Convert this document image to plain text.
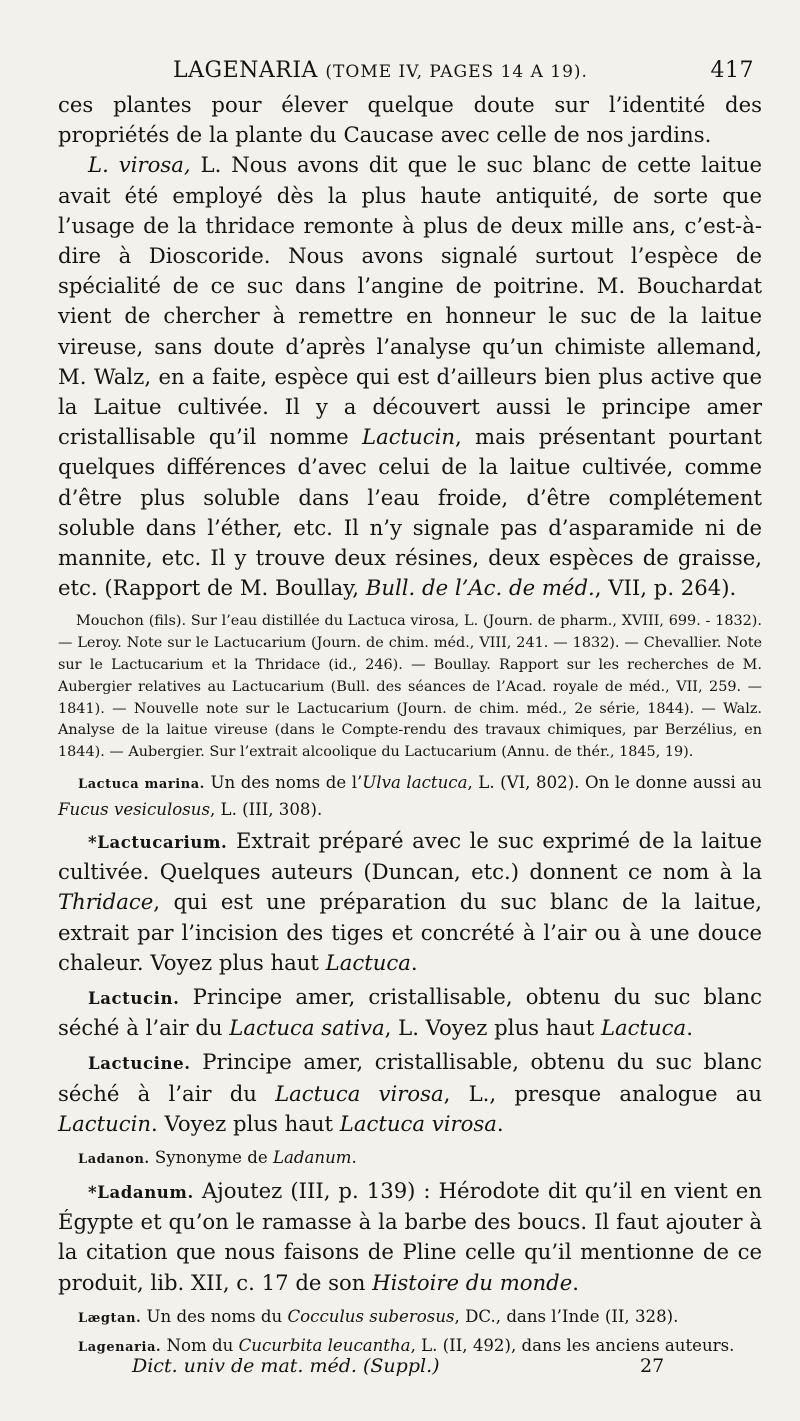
LAGENARIA (TOME IV, PAGES 14 A 19).	417

ces plantes pour élever quelque doute sur l’identité des propriétés de la plante du Caucase avec celle de nos jardins.

L. virosa, L. Nous avons dit que le suc blanc de cette laitue avait été employé dès la plus haute antiquité, de sorte que l’usage de la thridace remonte à plus de deux mille ans, c’est-à-dire à Dioscoride. Nous avons signalé surtout l’espèce de spécialité de ce suc dans l’angine de poitrine. M. Bouchardat vient de chercher à remettre en honneur le suc de la laitue vireuse, sans doute d’après l’analyse qu’un chimiste allemand, M. Walz, en a faite, espèce qui est d’ailleurs bien plus active que la Laitue cultivée. Il y a découvert aussi le principe amer cristallisable qu’il nomme Lactucin, mais présentant pourtant quelques différences d’avec celui de la laitue cultivée, comme d’être plus soluble dans l’eau froide, d’être complétement soluble dans l’éther, etc. Il n’y signale pas d’asparamide ni de mannite, etc. Il y trouve deux résines, deux espèces de graisse, etc. (Rapport de M. Boullay, Bull. de l’Ac. de méd., VII, p. 264).

Mouchon (fils). Sur l’eau distillée du Lactuca virosa, L. (Journ. de pharm., XVIII, 699. - 1832). — Leroy. Note sur le Lactucarium (Journ. de chim. méd., VIII, 241. — 1832). — Chevallier. Note sur le Lactucarium et la Thridace (id., 246). — Boullay. Rapport sur les recherches de M. Aubergier relatives au Lactucarium (Bull. des séances de l’Acad. royale de méd., VII, 259. — 1841). — Nouvelle note sur le Lactucarium (Journ. de chim. méd., 2e série, 1844). — Walz. Analyse de la laitue vireuse (dans le Compte-rendu des travaux chimiques, par Berzélius, en 1844). — Aubergier. Sur l’extrait alcoolique du Lactucarium (Annu. de thér., 1845, 19).

Lactuca marina. Un des noms de l’Ulva lactuca, L. (VI, 802). On le donne aussi au Fucus vesiculosus, L. (III, 308).

*Lactucarium. Extrait préparé avec le suc exprimé de la laitue cultivée. Quelques auteurs (Duncan, etc.) donnent ce nom à la Thridace, qui est une préparation du suc blanc de la laitue, extrait par l’incision des tiges et concrété à l’air ou à une douce chaleur. Voyez plus haut Lactuca.

Lactucin. Principe amer, cristallisable, obtenu du suc blanc séché à l’air du Lactuca sativa, L. Voyez plus haut Lactuca.

Lactucine. Principe amer, cristallisable, obtenu du suc blanc séché à l’air du Lactuca virosa, L., presque analogue au Lactucin. Voyez plus haut Lactuca virosa.

Ladanon. Synonyme de Ladanum.

*Ladanum. Ajoutez (III, p. 139) : Hérodote dit qu’il en vient en Égypte et qu’on le ramasse à la barbe des boucs. Il faut ajouter à la citation que nous faisons de Pline celle qu’il mentionne de ce produit, lib. XII, c. 17 de son Histoire du monde.

Lægtan. Un des noms du Cocculus suberosus, DC., dans l’Inde (II, 328).

Lagenaria. Nom du Cucurbita leucantha, L. (II, 492), dans les anciens auteurs.

Dict. univ de mat. méd. (Suppl.)	27
